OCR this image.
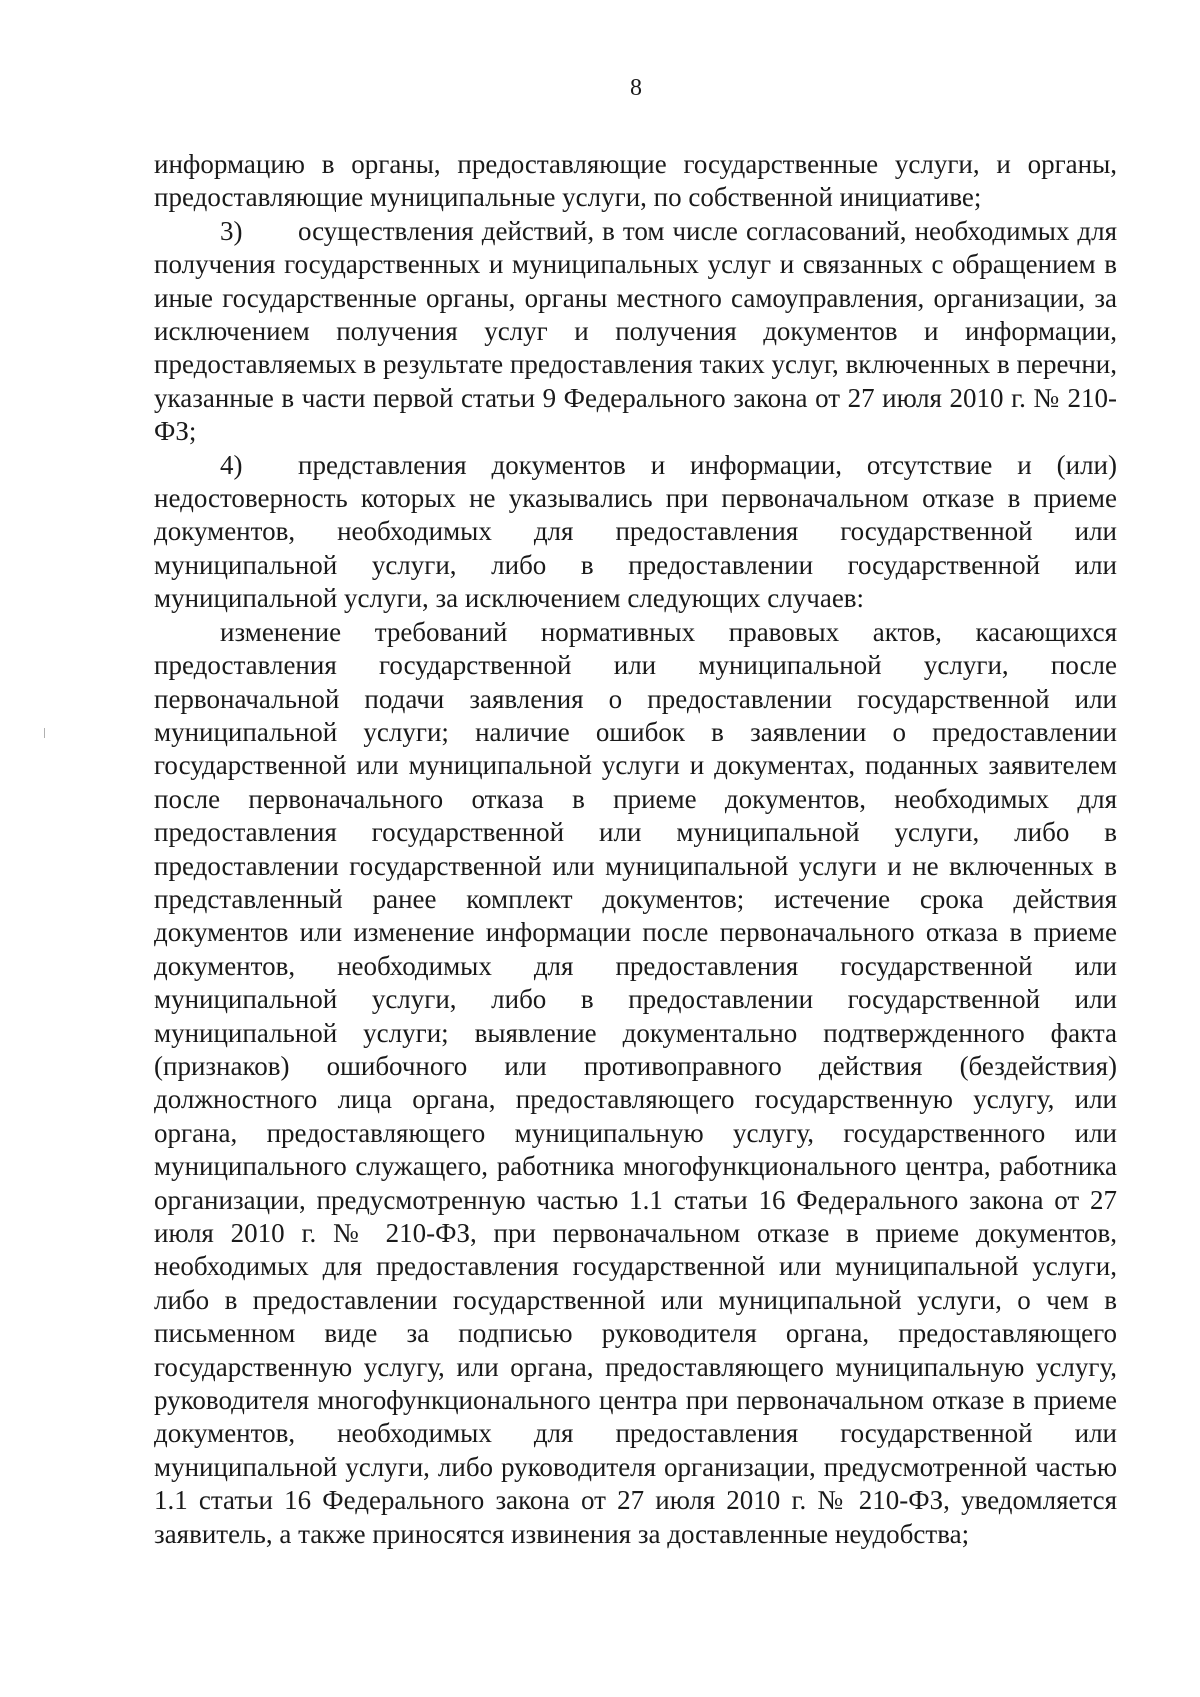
8

информацию в органы, предоставляющие государственные услуги, и органы, предоставляющие муниципальные услуги, по собственной инициативе;

3) осуществления действий, в том числе согласований, необходимых для получения государственных и муниципальных услуг и связанных с обращением в иные государственные органы, органы местного самоуправления, организации, за исключением получения услуг и получения документов и информации, предоставляемых в результате предоставления таких услуг, включенных в перечни, указанные в части первой статьи 9 Федерального закона от 27 июля 2010 г. № 210-ФЗ;

4) представления документов и информации, отсутствие и (или) недостоверность которых не указывались при первоначальном отказе в приеме документов, необходимых для предоставления государственной или муниципальной услуги, либо в предоставлении государственной или муниципальной услуги, за исключением следующих случаев:

изменение требований нормативных правовых актов, касающихся предоставления государственной или муниципальной услуги, после первоначальной подачи заявления о предоставлении государственной или муниципальной услуги; наличие ошибок в заявлении о предоставлении государственной или муниципальной услуги и документах, поданных заявителем после первоначального отказа в приеме документов, необходимых для предоставления государственной или муниципальной услуги, либо в предоставлении государственной или муниципальной услуги и не включенных в представленный ранее комплект документов; истечение срока действия документов или изменение информации после первоначального отказа в приеме документов, необходимых для предоставления государственной или муниципальной услуги, либо в предоставлении государственной или муниципальной услуги; выявление документально подтвержденного факта (признаков) ошибочного или противоправного действия (бездействия) должностного лица органа, предоставляющего государственную услугу, или органа, предоставляющего муниципальную услугу, государственного или муниципального служащего, работника многофункционального центра, работника организации, предусмотренную частью 1.1 статьи 16 Федерального закона от 27 июля 2010 г. № 210-ФЗ, при первоначальном отказе в приеме документов, необходимых для предоставления государственной или муниципальной услуги, либо в предоставлении государственной или муниципальной услуги, о чем в письменном виде за подписью руководителя органа, предоставляющего государственную услугу, или органа, предоставляющего муниципальную услугу, руководителя многофункционального центра при первоначальном отказе в приеме документов, необходимых для предоставления государственной или муниципальной услуги, либо руководителя организации, предусмотренной частью 1.1 статьи 16 Федерального закона от 27 июля 2010 г. № 210-ФЗ, уведомляется заявитель, а также приносятся извинения за доставленные неудобства;
